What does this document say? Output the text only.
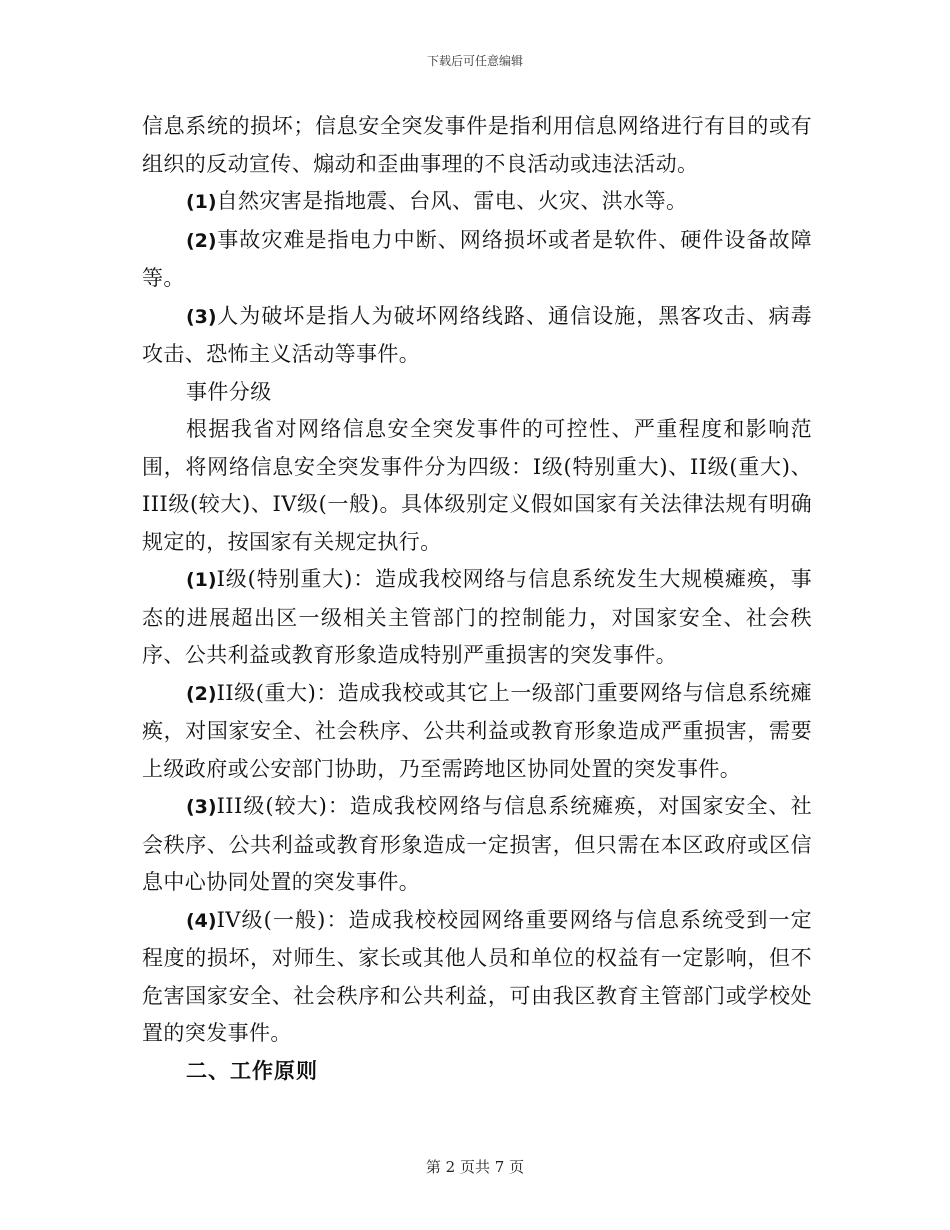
下载后可任意编辑

信息系统的损坏；信息安全突发事件是指利用信息网络进行有目的或有组织的反动宣传、煽动和歪曲事理的不良活动或违法活动。

(1)自然灾害是指地震、台风、雷电、火灾、洪水等。

(2)事故灾难是指电力中断、网络损坏或者是软件、硬件设备故障等。

(3)人为破坏是指人为破坏网络线路、通信设施，黑客攻击、病毒攻击、恐怖主义活动等事件。

事件分级

根据我省对网络信息安全突发事件的可控性、严重程度和影响范围，将网络信息安全突发事件分为四级：I级(特别重大)、II级(重大)、III级(较大)、IV级(一般)。具体级别定义假如国家有关法律法规有明确规定的，按国家有关规定执行。

(1)I级(特别重大)：造成我校网络与信息系统发生大规模瘫痪，事态的进展超出区一级相关主管部门的控制能力，对国家安全、社会秩序、公共利益或教育形象造成特别严重损害的突发事件。

(2)II级(重大)：造成我校或其它上一级部门重要网络与信息系统瘫痪，对国家安全、社会秩序、公共利益或教育形象造成严重损害，需要上级政府或公安部门协助，乃至需跨地区协同处置的突发事件。

(3)III级(较大)：造成我校网络与信息系统瘫痪，对国家安全、社会秩序、公共利益或教育形象造成一定损害，但只需在本区政府或区信息中心协同处置的突发事件。

(4)IV级(一般)：造成我校校园网络重要网络与信息系统受到一定程度的损坏，对师生、家长或其他人员和单位的权益有一定影响，但不危害国家安全、社会秩序和公共利益，可由我区教育主管部门或学校处置的突发事件。

二、工作原则

第 2 页共 7 页
